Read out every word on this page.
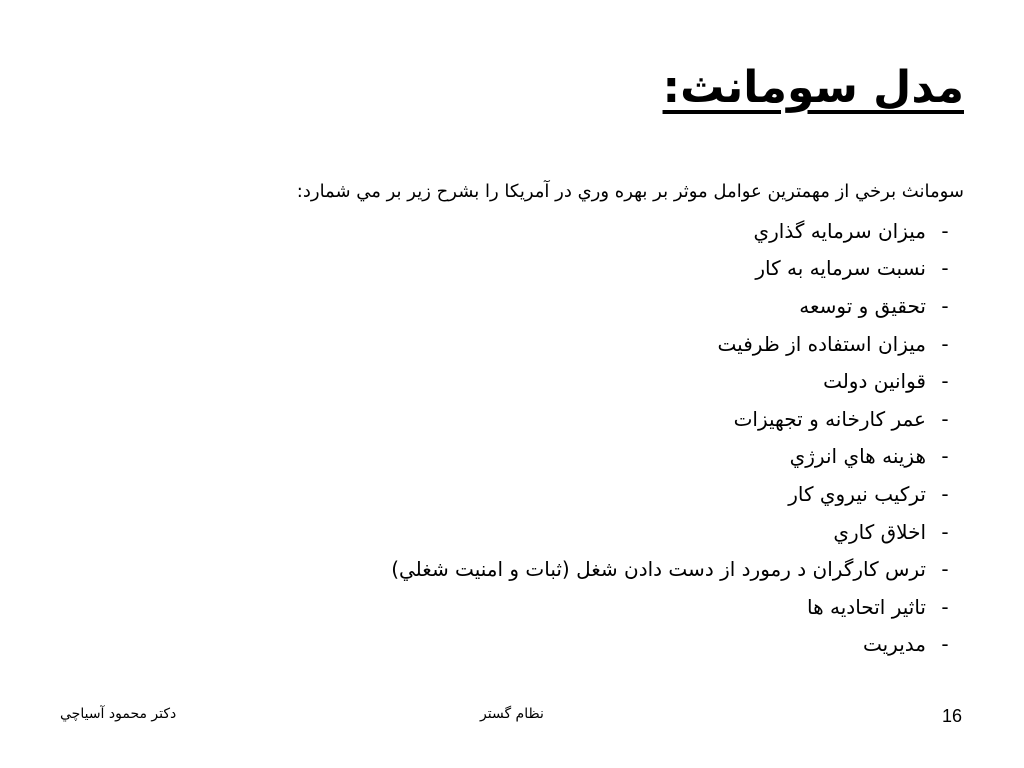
مدل سومانث:
سومانث برخي از مهمترين عوامل موثر بر بهره وري در آمريكا را بشرح زير بر مي شمارد:
-
ميزان سرمايه گذاري
-
نسبت سرمايه به كار
-
تحقيق و توسعه
-
ميزان استفاده از ظرفيت
-
قوانين دولت
-
عمر كارخانه و تجهيزات
-
هزينه هاي انرژي
-
تركيب نيروي كار
-
اخلاق كاري
-
ترس كارگران د رمورد از دست دادن شغل (ثبات و امنيت شغلي)
-
تاثير اتحاديه ها
-
مديريت
دكتر محمود آسياچي	نظام گستر	16
